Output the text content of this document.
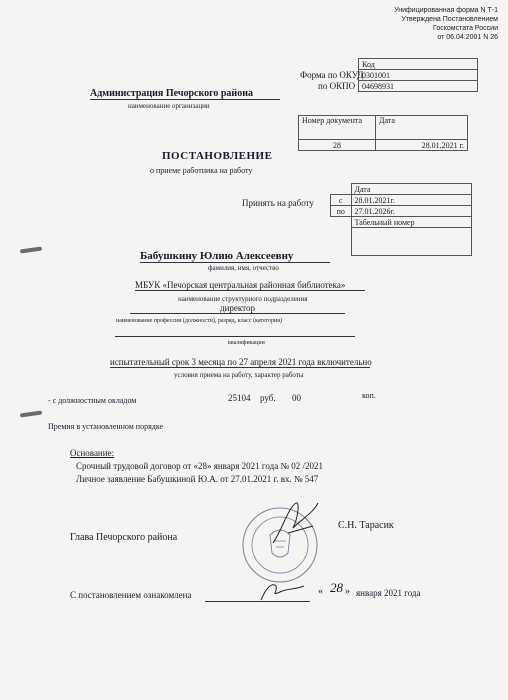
Унифицированная форма N Т-1
Утверждена Постановлением
Госкомстата России
от 06.04.2001 N 26
Код
0301001
04698931
Форма по ОКУД
по ОКПО
Администрация Печорского района
наименование организации
Номер документа	Дата
28	28.01.2021 г.
ПОСТАНОВЛЕНИЕ
о приеме работника на работу
Принять на работу
	Дата
с	28.01.2021г.
по	27.01.2026г.
	Табельный номер

Бабушкину Юлию Алексеевну
фамилия, имя, отчество
МБУК «Печорская центральная районная библиотека»
наименование структурного подразделения
директор
наименование профессии (должности), разряд, класс (категория)
квалификации
испытательный срок 3 месяца по 27 апреля 2021 года включительно
условия приема на работу, характер работы
- с должностным окладом	25104 руб. 00	коп.
Премия в установленном порядке
Основание:
Срочный трудовой договор от «28» января 2021 года № 02 /2021
Личное заявление Бабушкиной Ю.А. от 27.01.2021 г. вх. № 547
Глава Печорского района
С.Н. Тарасик
С постановлением ознакомлена	« 28 » января 2021 года
